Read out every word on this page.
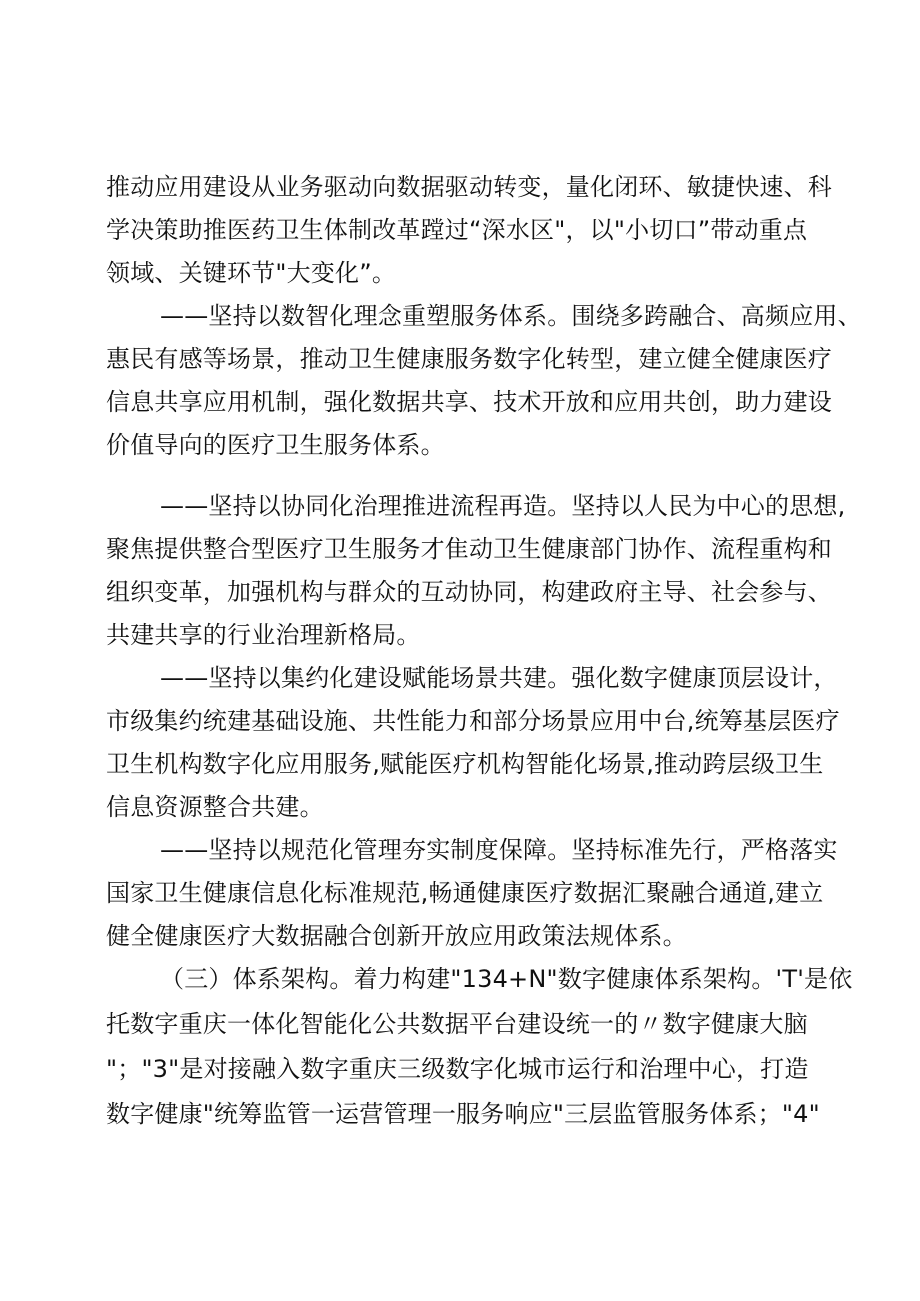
推动应用建设从业务驱动向数据驱动转变，量化闭环、敏捷快速、科
学决策助推医药卫生体制改革蹚过“深水区"，以"小切口”带动重点
领域、关键环节"大变化”。
——坚持以数智化理念重塑服务体系。围绕多跨融合、高频应用、
惠民有感等场景，推动卫生健康服务数字化转型，建立健全健康医疗
信息共享应用机制，强化数据共享、技术开放和应用共创，助力建设
价值导向的医疗卫生服务体系。
——坚持以协同化治理推进流程再造。坚持以人民为中心的思想,
聚焦提供整合型医疗卫生服务才隹动卫生健康部门协作、流程重构和
组织变革，加强机构与群众的互动协同，构建政府主导、社会参与、
共建共享的行业治理新格局。
——坚持以集约化建设赋能场景共建。强化数字健康顶层设计，
市级集约统建基础设施、共性能力和部分场景应用中台,统筹基层医疗
卫生机构数字化应用服务,赋能医疗机构智能化场景,推动跨层级卫生
信息资源整合共建。
——坚持以规范化管理夯实制度保障。坚持标准先行，严格落实
国家卫生健康信息化标准规范,畅通健康医疗数据汇聚融合通道,建立
健全健康医疗大数据融合创新开放应用政策法规体系。
（三）体系架构。着力构建"134+N"数字健康体系架构。'T'是依
托数字重庆一体化智能化公共数据平台建设统一的〃数字健康大脑
"；"3"是对接融入数字重庆三级数字化城市运行和治理中心，打造
数字健康"统筹监管一运营管理一服务响应"三层监管服务体系；"4"
